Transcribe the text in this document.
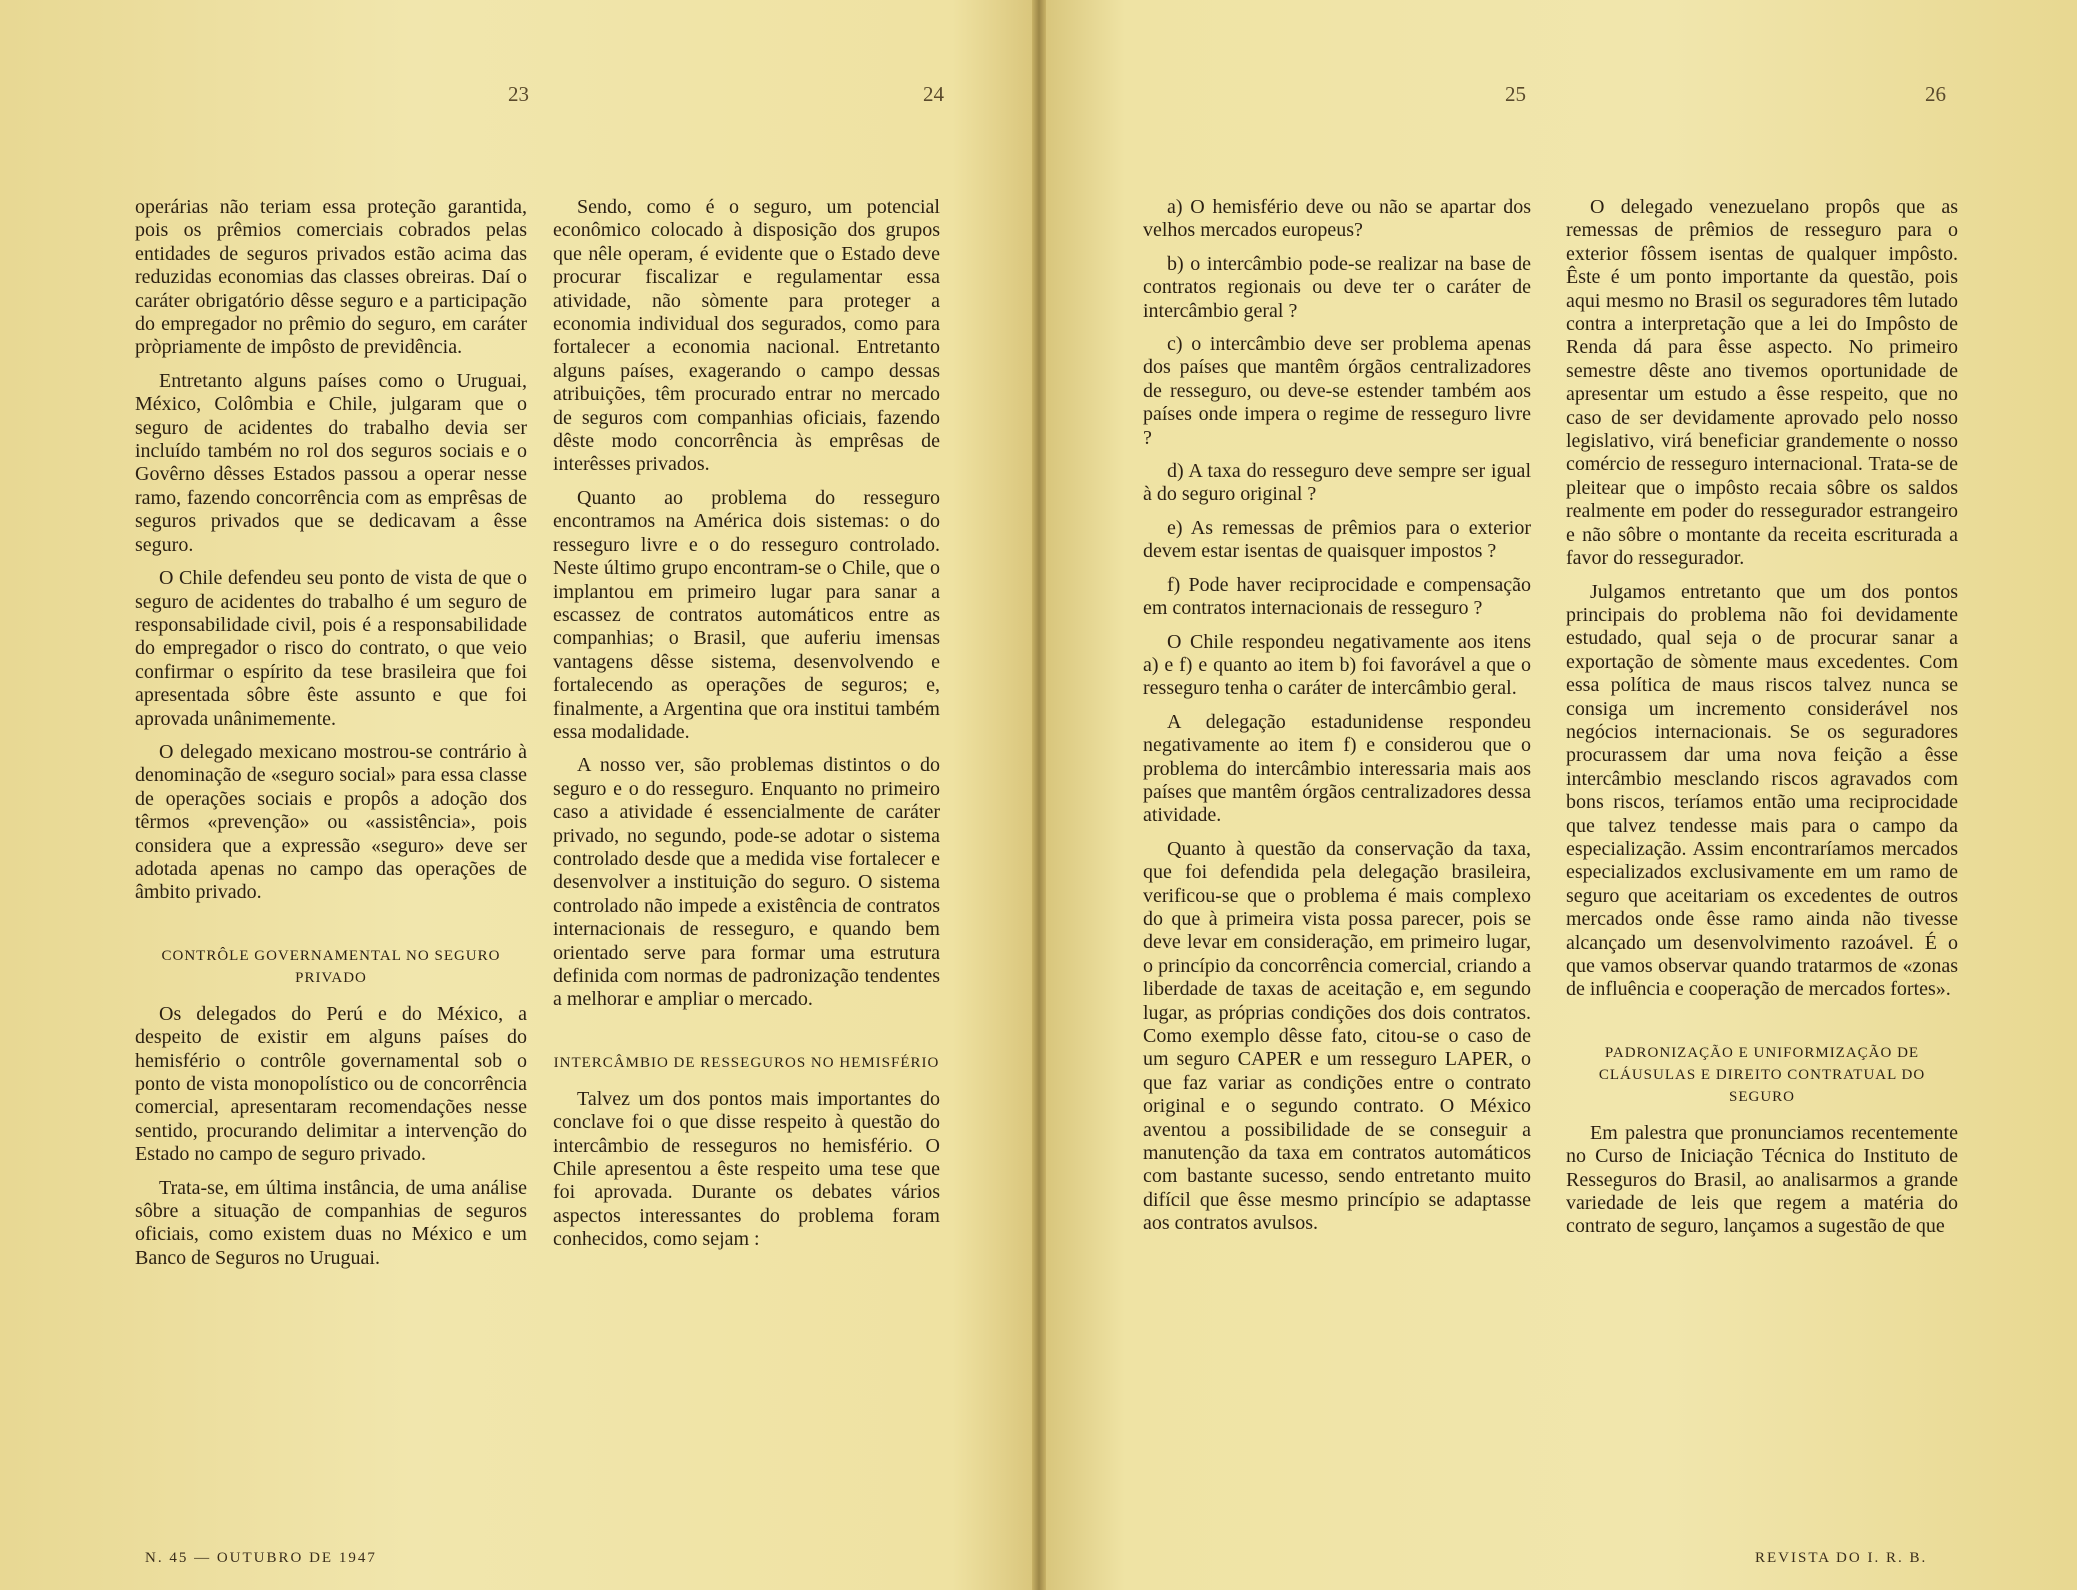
23	24	25	26

operárias não teriam essa proteção garantida, pois os prêmios comerciais cobrados pelas entidades de seguros privados estão acima das reduzidas economias das classes obreiras. Daí o caráter obrigatório dêsse seguro e a participação do empregador no prêmio do seguro, em caráter pròpriamente de impôsto de previdência.

Entretanto alguns países como o Uruguai, México, Colômbia e Chile, julgaram que o seguro de acidentes do trabalho devia ser incluído também no rol dos seguros sociais e o Govêrno dêsses Estados passou a operar nesse ramo, fazendo concorrência com as emprêsas de seguros privados que se dedicavam a êsse seguro.

O Chile defendeu seu ponto de vista de que o seguro de acidentes do trabalho é um seguro de responsabilidade civil, pois é a responsabilidade do empregador o risco do contrato, o que veio confirmar o espírito da tese brasileira que foi apresentada sôbre êste assunto e que foi aprovada unânimemente.

O delegado mexicano mostrou-se contrário à denominação de «seguro social» para essa classe de operações sociais e propôs a adoção dos têrmos «prevenção» ou «assistência», pois considera que a expressão «seguro» deve ser adotada apenas no campo das operações de âmbito privado.

CONTRÔLE GOVERNAMENTAL NO SEGURO PRIVADO

Os delegados do Perú e do México, a despeito de existir em alguns países do hemisfério o contrôle governamental sob o ponto de vista monopolístico ou de concorrência comercial, apresentaram recomendações nesse sentido, procurando delimitar a intervenção do Estado no campo de seguro privado.

Trata-se, em última instância, de uma análise sôbre a situação de companhias de seguros oficiais, como existem duas no México e um Banco de Seguros no Uruguai.

Sendo, como é o seguro, um potencial econômico colocado à disposição dos grupos que nêle operam, é evidente que o Estado deve procurar fiscalizar e regulamentar essa atividade, não sòmente para proteger a economia individual dos segurados, como para fortalecer a economia nacional. Entretanto alguns países, exagerando o campo dessas atribuições, têm procurado entrar no mercado de seguros com companhias oficiais, fazendo dêste modo concorrência às emprêsas de interêsses privados.

Quanto ao problema do resseguro encontramos na América dois sistemas: o do resseguro livre e o do resseguro controlado. Neste último grupo encontram-se o Chile, que o implantou em primeiro lugar para sanar a escassez de contratos automáticos entre as companhias; o Brasil, que auferiu imensas vantagens dêsse sistema, desenvolvendo e fortalecendo as operações de seguros; e, finalmente, a Argentina que ora institui também essa modalidade.

A nosso ver, são problemas distintos o do seguro e o do resseguro. Enquanto no primeiro caso a atividade é essencialmente de caráter privado, no segundo, pode-se adotar o sistema controlado desde que a medida vise fortalecer e desenvolver a instituição do seguro. O sistema controlado não impede a existência de contratos internacionais de resseguro, e quando bem orientado serve para formar uma estrutura definida com normas de padronização tendentes a melhorar e ampliar o mercado.

INTERCÂMBIO DE RESSEGUROS NO HEMISFÉRIO

Talvez um dos pontos mais importantes do conclave foi o que disse respeito à questão do intercâmbio de resseguros no hemisfério. O Chile apresentou a êste respeito uma tese que foi aprovada. Durante os debates vários aspectos interessantes do problema foram conhecidos, como sejam :

a) O hemisfério deve ou não se apartar dos velhos mercados europeus?

b) o intercâmbio pode-se realizar na base de contratos regionais ou deve ter o caráter de intercâmbio geral ?

c) o intercâmbio deve ser problema apenas dos países que mantêm órgãos centralizadores de resseguro, ou deve-se estender também aos países onde impera o regime de resseguro livre ?

d) A taxa do resseguro deve sempre ser igual à do seguro original ?

e) As remessas de prêmios para o exterior devem estar isentas de quaisquer impostos ?

f) Pode haver reciprocidade e compensação em contratos internacionais de resseguro ?

O Chile respondeu negativamente aos itens a) e f) e quanto ao item b) foi favorável a que o resseguro tenha o caráter de intercâmbio geral.

A delegação estadunidense respondeu negativamente ao item f) e considerou que o problema do intercâmbio interessaria mais aos países que mantêm órgãos centralizadores dessa atividade.

Quanto à questão da conservação da taxa, que foi defendida pela delegação brasileira, verificou-se que o problema é mais complexo do que à primeira vista possa parecer, pois se deve levar em consideração, em primeiro lugar, o princípio da concorrência comercial, criando a liberdade de taxas de aceitação e, em segundo lugar, as próprias condições dos dois contratos. Como exemplo dêsse fato, citou-se o caso de um seguro CAPER e um resseguro LAPER, o que faz variar as condições entre o contrato original e o segundo contrato. O México aventou a possibilidade de se conseguir a manutenção da taxa em contratos automáticos com bastante sucesso, sendo entretanto muito difícil que êsse mesmo princípio se adaptasse aos contratos avulsos.

O delegado venezuelano propôs que as remessas de prêmios de resseguro para o exterior fôssem isentas de qualquer impôsto. Êste é um ponto importante da questão, pois aqui mesmo no Brasil os seguradores têm lutado contra a interpretação que a lei do Impôsto de Renda dá para êsse aspecto. No primeiro semestre dêste ano tivemos oportunidade de apresentar um estudo a êsse respeito, que no caso de ser devidamente aprovado pelo nosso legislativo, virá beneficiar grandemente o nosso comércio de resseguro internacional. Trata-se de pleitear que o impôsto recaia sôbre os saldos realmente em poder do ressegurador estrangeiro e não sôbre o montante da receita escriturada a favor do ressegurador.

Julgamos entretanto que um dos pontos principais do problema não foi devidamente estudado, qual seja o de procurar sanar a exportação de sòmente maus excedentes. Com essa política de maus riscos talvez nunca se consiga um incremento considerável nos negócios internacionais. Se os seguradores procurassem dar uma nova feição a êsse intercâmbio mesclando riscos agravados com bons riscos, teríamos então uma reciprocidade que talvez tendesse mais para o campo da especialização. Assim encontraríamos mercados especializados exclusivamente em um ramo de seguro que aceitariam os excedentes de outros mercados onde êsse ramo ainda não tivesse alcançado um desenvolvimento razoável. É o que vamos observar quando tratarmos de «zonas de influência e cooperação de mercados fortes».

PADRONIZAÇÃO E UNIFORMIZAÇÃO DE CLÁUSULAS E DIREITO CONTRATUAL DO SEGURO

Em palestra que pronunciamos recentemente no Curso de Iniciação Técnica do Instituto de Resseguros do Brasil, ao analisarmos a grande variedade de leis que regem a matéria do contrato de seguro, lançamos a sugestão de que

N. 45 — OUTUBRO DE 1947	REVISTA DO I. R. B.
